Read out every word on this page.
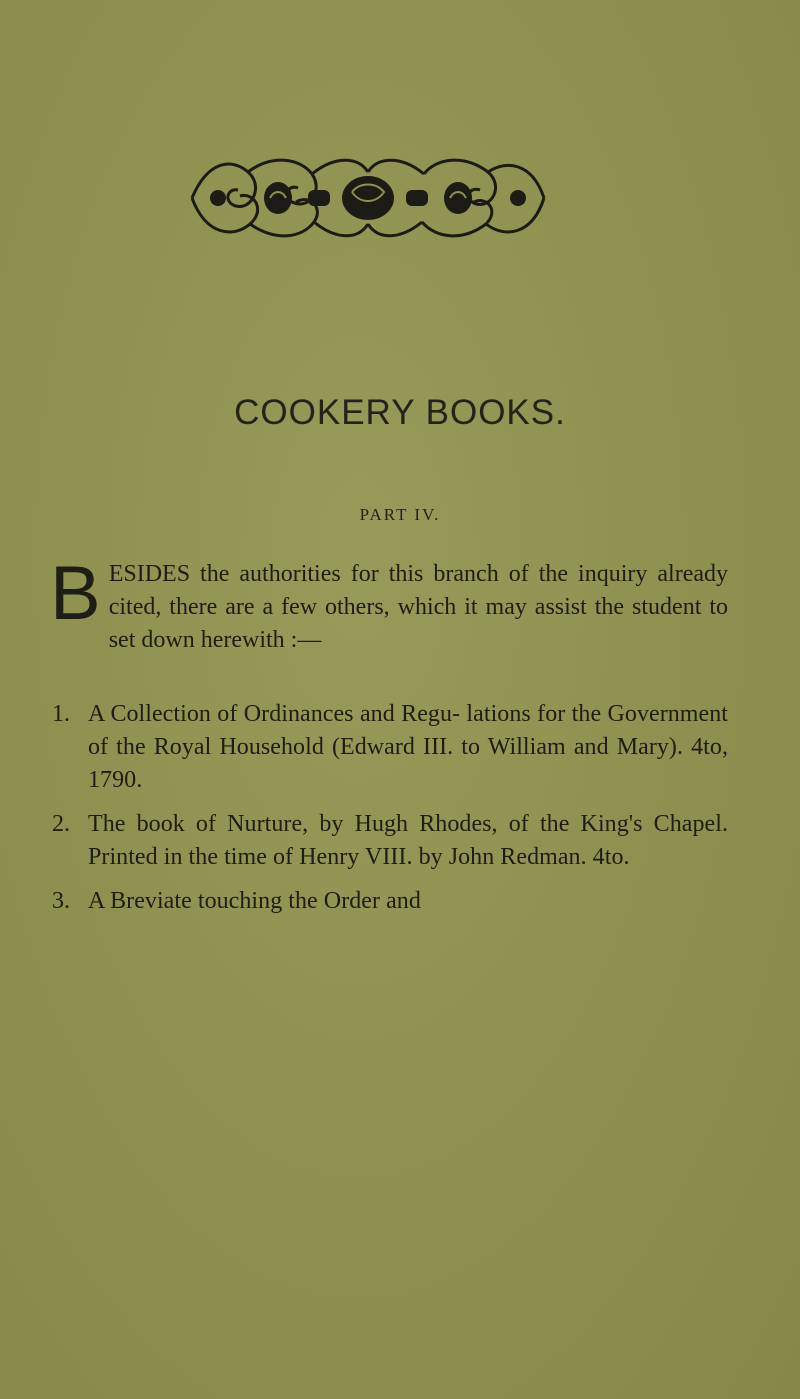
COOKERY BOOKS.
PART IV.
B ESIDES the authorities for this branch of the inquiry already cited, there are a few others, which it may assist the student to set down herewith :—
1. A Collection of Ordinances and Regu- lations for the Government of the Royal Household (Edward III. to William and Mary). 4to, 1790.
2. The book of Nurture, by Hugh Rhodes, of the King's Chapel. Printed in the time of Henry VIII. by John Redman. 4to.
3. A Breviate touching the Order and
